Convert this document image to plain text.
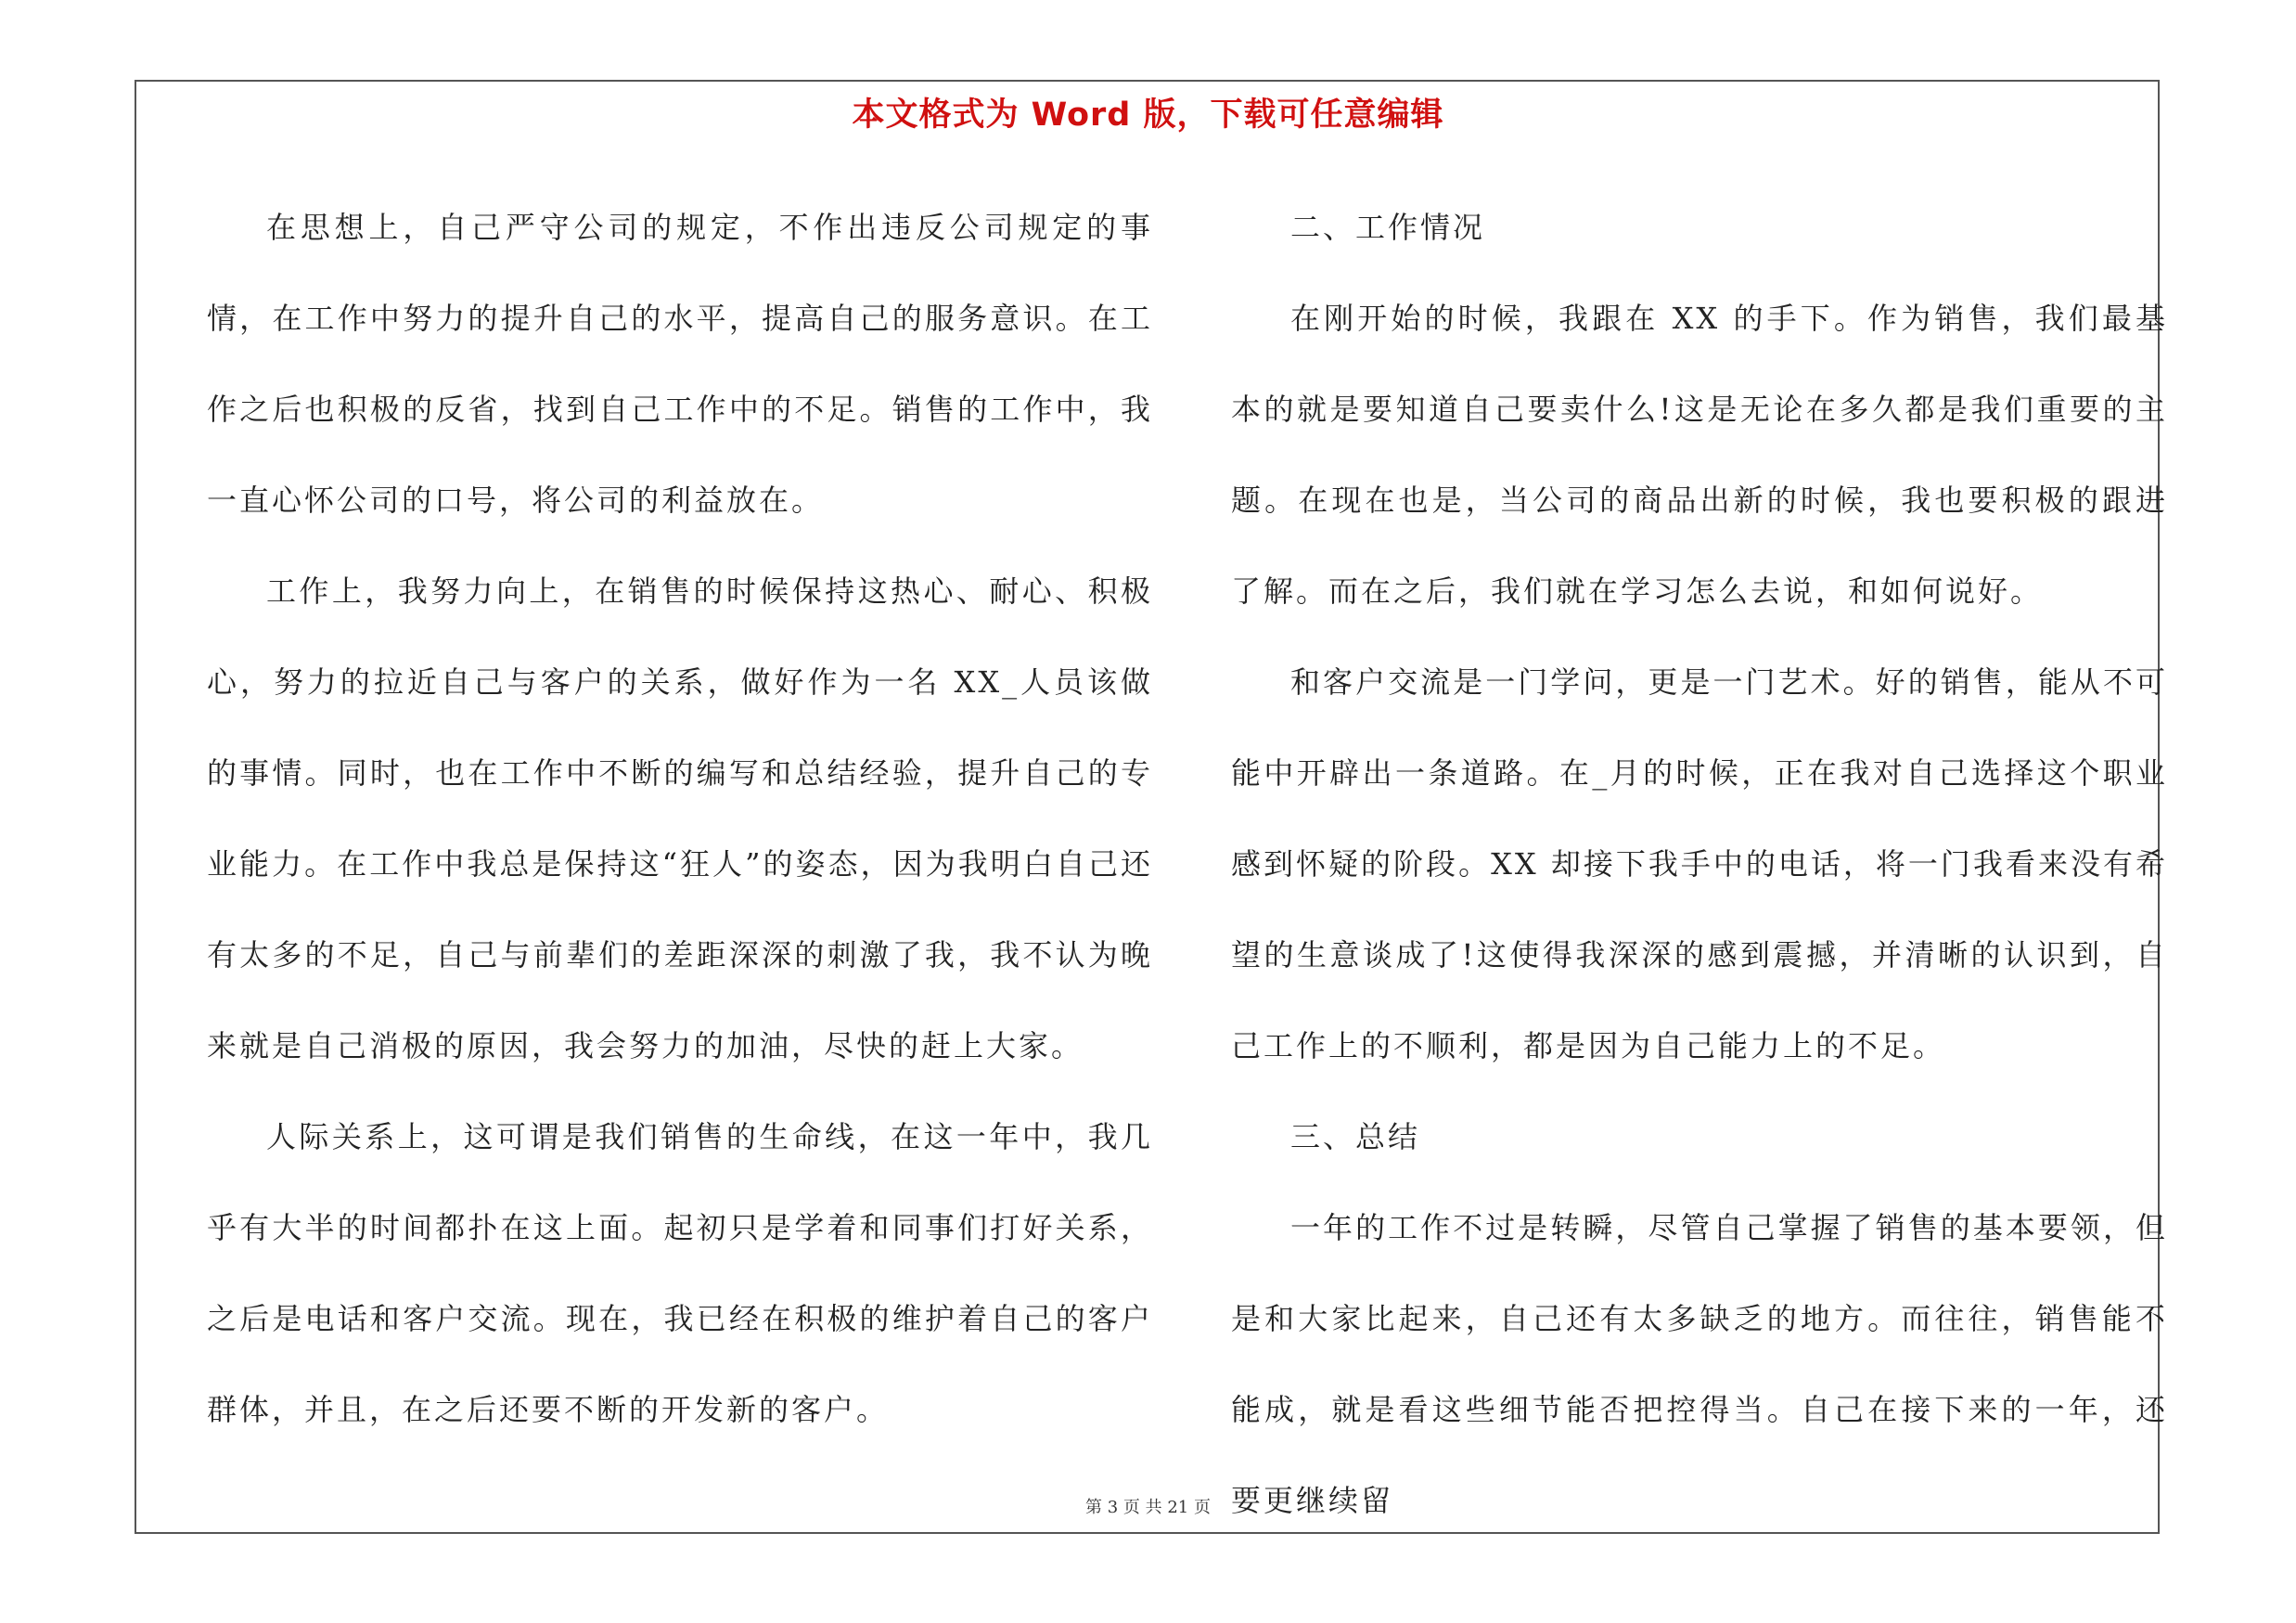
本文格式为 Word 版，下载可任意编辑

在思想上，自己严守公司的规定，不作出违反公司规定的事情，在工作中努力的提升自己的水平，提高自己的服务意识。在工作之后也积极的反省，找到自己工作中的不足。销售的工作中，我一直心怀公司的口号，将公司的利益放在。

工作上，我努力向上，在销售的时候保持这热心、耐心、积极心，努力的拉近自己与客户的关系，做好作为一名 XX_人员该做的事情。同时，也在工作中不断的编写和总结经验，提升自己的专业能力。在工作中我总是保持这“狂人”的姿态，因为我明白自己还有太多的不足，自己与前辈们的差距深深的刺激了我，我不认为晚来就是自己消极的原因，我会努力的加油，尽快的赶上大家。

人际关系上，这可谓是我们销售的生命线，在这一年中，我几乎有大半的时间都扑在这上面。起初只是学着和同事们打好关系，之后是电话和客户交流。现在，我已经在积极的维护着自己的客户群体，并且，在之后还要不断的开发新的客户。

二、工作情况

在刚开始的时候，我跟在 XX 的手下。作为销售，我们最基本的就是要知道自己要卖什么!这是无论在多久都是我们重要的主题。在现在也是，当公司的商品出新的时候，我也要积极的跟进了解。而在之后，我们就在学习怎么去说，和如何说好。

和客户交流是一门学问，更是一门艺术。好的销售，能从不可能中开辟出一条道路。在_月的时候，正在我对自己选择这个职业感到怀疑的阶段。XX 却接下我手中的电话，将一门我看来没有希望的生意谈成了!这使得我深深的感到震撼，并清晰的认识到，自己工作上的不顺利，都是因为自己能力上的不足。

三、总结

一年的工作不过是转瞬，尽管自己掌握了销售的基本要领，但是和大家比起来，自己还有太多缺乏的地方。而往往，销售能不能成，就是看这些细节能否把控得当。自己在接下来的一年，还要更继续留

第 3 页 共 21 页
